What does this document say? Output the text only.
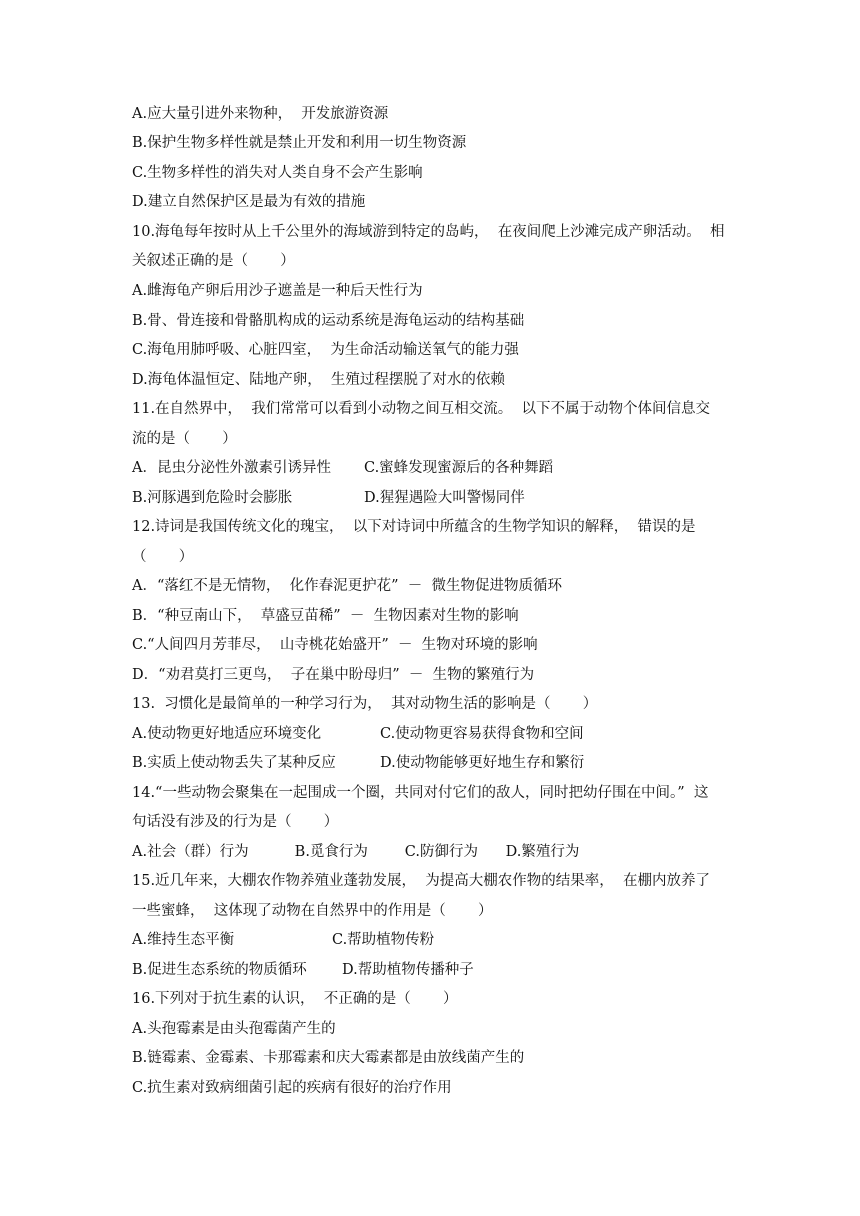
A.应大量引进外来物种，  开发旅游资源
B.保护生物多样性就是禁止开发和利用一切生物资源
C.生物多样性的消失对人类自身不会产生影响
D.建立自然保护区是最为有效的措施
10.海龟每年按时从上千公里外的海域游到特定的岛屿，  在夜间爬上沙滩完成产卵活动。  相
关叙述正确的是（       ）
A.雌海龟产卵后用沙子遮盖是一种后天性行为
B.骨、骨连接和骨骼肌构成的运动系统是海龟运动的结构基础
C.海龟用肺呼吸、心脏四室，  为生命活动输送氧气的能力强
D.海龟体温恒定、陆地产卵，  生殖过程摆脱了对水的依赖
11.在自然界中，  我们常常可以看到小动物之间互相交流。  以下不属于动物个体间信息交
流的是（       ）
A．昆虫分泌性外激素引诱异性 C.蜜蜂发现蜜源后的各种舞蹈
B.河豚遇到危险时会膨胀	D.猩猩遇险大叫警惕同伴
12.诗词是我国传统文化的瑰宝，  以下对诗词中所蕴含的生物学知识的解释，  错误的是
（       ）
A．“落红不是无情物，  化作春泥更护花”  －  微生物促进物质循环
B．“种豆南山下，  草盛豆苗稀”  －  生物因素对生物的影响
C.“人间四月芳菲尽，  山寺桃花始盛开”  －  生物对环境的影响
D．“劝君莫打三更鸟，  子在巢中盼母归”  －  生物的繁殖行为
13.  习惯化是最简单的一种学习行为，  其对动物生活的影响是（       ）
A.使动物更好地适应环境变化	C.使动物更容易获得食物和空间
B.实质上使动物丢失了某种反应	D.使动物能够更好地生存和繁衍
14.“一些动物会聚集在一起围成一个圈，共同对付它们的敌人，同时把幼仔围在中间。”  这
句话没有涉及的行为是（       ）
A.社会（群）行为          B.觅食行为        C.防御行为      D.繁殖行为
15.近几年来，大棚农作物养殖业蓬勃发展，  为提高大棚农作物的结果率，  在棚内放养了
一些蜜蜂，  这体现了动物在自然界中的作用是（       ）
A.维持生态平衡	C.帮助植物传粉
B.促进生态系统的物质循环 D.帮助植物传播种子
16.下列对于抗生素的认识，  不正确的是（       ）
A.头孢霉素是由头孢霉菌产生的
B.链霉素、金霉素、卡那霉素和庆大霉素都是由放线菌产生的
C.抗生素对致病细菌引起的疾病有很好的治疗作用
